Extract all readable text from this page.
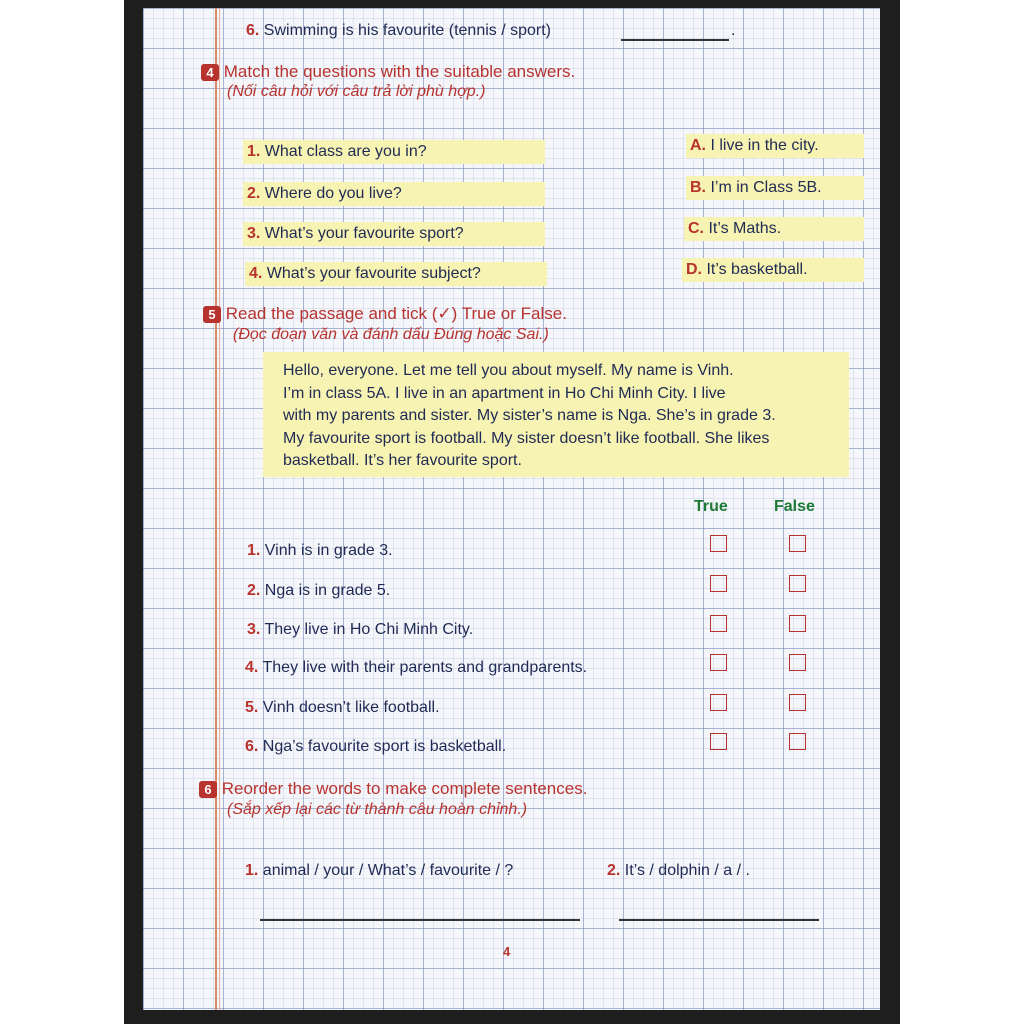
6. Swimming is his favourite (tennis / sport)	.
4 Match the questions with the suitable answers.
(Nối câu hỏi với câu trả lời phù hợp.)
1. What class are you in?
2. Where do you live?
3. What’s your favourite sport?
4. What’s your favourite subject?
A. I live in the city.
B. I’m in Class 5B.
C. It’s Maths.
D. It’s basketball.
5 Read the passage and tick (✓) True or False.
(Đọc đoạn văn và đánh dấu Đúng hoặc Sai.)
Hello, everyone. Let me tell you about myself. My name is Vinh.
I’m in class 5A. I live in an apartment in Ho Chi Minh City. I live
with my parents and sister. My sister’s name is Nga. She’s in grade 3.
My favourite sport is football. My sister doesn’t like football. She likes
basketball. It’s her favourite sport.
True	False
1. Vinh is in grade 3.
2. Nga is in grade 5.
3. They live in Ho Chi Minh City.
4. They live with their parents and grandparents.
5. Vinh doesn’t like football.
6. Nga’s favourite sport is basketball.
6 Reorder the words to make complete sentences.
(Sắp xếp lại các từ thành câu hoàn chỉnh.)
1. animal / your / What’s / favourite / ?	2. It’s / dolphin / a / .
4
